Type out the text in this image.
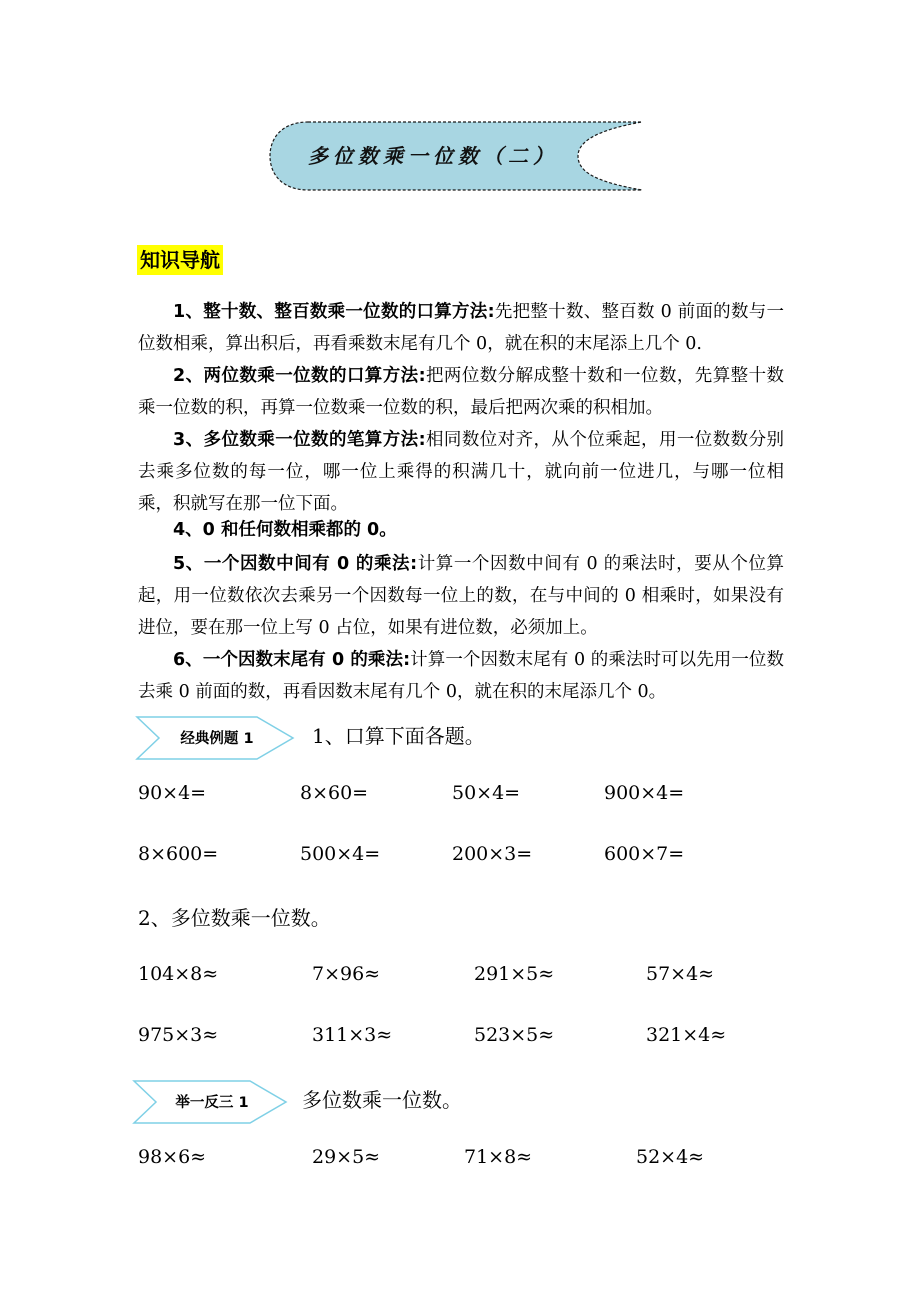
多位数乘一位数（二）
知识导航
1、整十数、整百数乘一位数的口算方法:先把整十数、整百数 0 前面的数与一位数相乘，算出积后，再看乘数末尾有几个 0，就在积的末尾添上几个 0.
2、两位数乘一位数的口算方法:把两位数分解成整十数和一位数，先算整十数乘一位数的积，再算一位数乘一位数的积，最后把两次乘的积相加。
3、多位数乘一位数的笔算方法:相同数位对齐，从个位乘起，用一位数数分别去乘多位数的每一位，哪一位上乘得的积满几十，就向前一位进几，与哪一位相乘，积就写在那一位下面。
4、0 和任何数相乘都的 0。
5、一个因数中间有 0 的乘法:计算一个因数中间有 0 的乘法时，要从个位算起，用一位数依次去乘另一个因数每一位上的数，在与中间的 0 相乘时，如果没有进位，要在那一位上写 0 占位，如果有进位数，必须加上。
6、一个因数末尾有 0 的乘法:计算一个因数末尾有 0 的乘法时可以先用一位数去乘 0 前面的数，再看因数末尾有几个 0，就在积的末尾添几个 0。
经典例题 1	1、口算下面各题。
90×4=	8×60=	50×4=	900×4=
8×600=	500×4=	200×3=	600×7=
2、多位数乘一位数。
104×8≈	7×96≈	291×5≈	57×4≈
975×3≈	311×3≈	523×5≈	321×4≈
举一反三 1	多位数乘一位数。
98×6≈	29×5≈	71×8≈	52×4≈
